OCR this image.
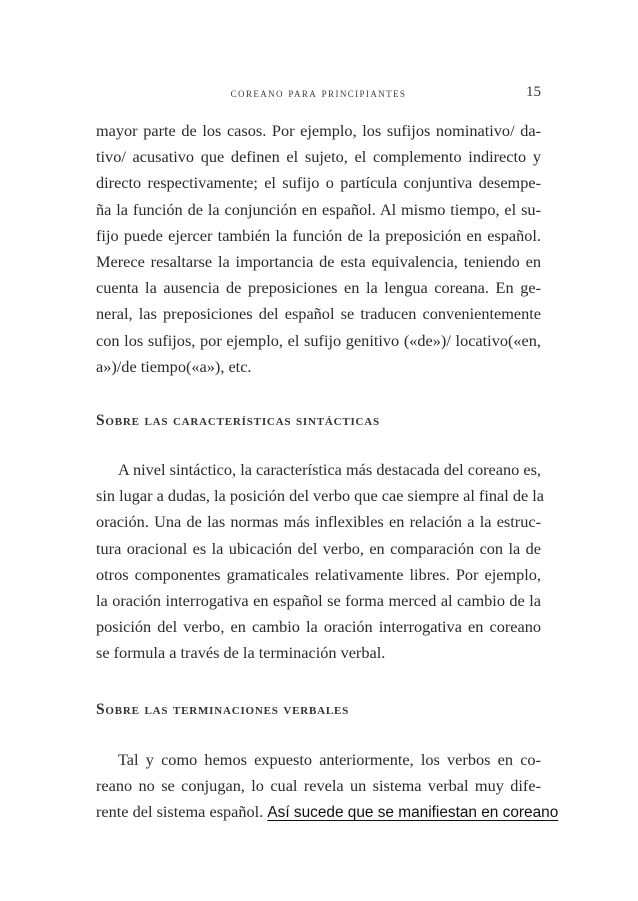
coreano para principiantes	15

mayor parte de los casos. Por ejemplo, los sufijos nominativo/ da-

tivo/ acusativo que definen el sujeto, el complemento indirecto y

directo respectivamente; el sufijo o partícula conjuntiva desempe-

ña la función de la conjunción en español. Al mismo tiempo, el su-

fijo puede ejercer también la función de la preposición en español.

Merece resaltarse la importancia de esta equivalencia, teniendo en

cuenta la ausencia de preposiciones en la lengua coreana. En ge-

neral, las preposiciones del español se traducen convenientemente

con los sufijos, por ejemplo, el sufijo genitivo («de»)/ locativo(«en,

a»)/de tiempo(«a»), etc.

Sobre las características sintácticas

A nivel sintáctico, la característica más destacada del coreano es,

sin lugar a dudas, la posición del verbo que cae siempre al final de la

oración. Una de las normas más inflexibles en relación a la estruc-

tura oracional es la ubicación del verbo, en comparación con la de

otros componentes gramaticales relativamente libres. Por ejemplo,

la oración interrogativa en español se forma merced al cambio de la

posición del verbo, en cambio la oración interrogativa en coreano

se formula a través de la terminación verbal.

Sobre las terminaciones verbales

Tal y como hemos expuesto anteriormente, los verbos en co-

reano no se conjugan, lo cual revela un sistema verbal muy dife-

rente del sistema español. Así sucede que se manifiestan en coreano
